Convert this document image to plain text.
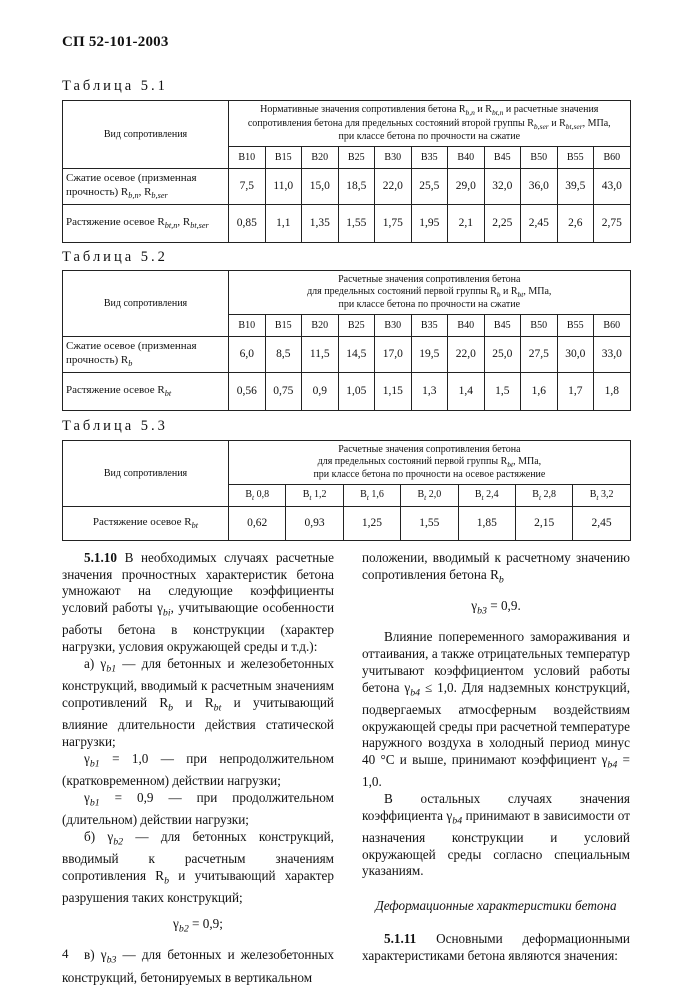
СП 52-101-2003
Таблица 5.1
Вид сопротивления	Нормативные значения сопротивления бетона $R_{b,n}$ и $R_{bt,n}$ и расчетные значения
сопротивления бетона для предельных состояний второй группы $R_{b,ser}$ и $R_{bt,ser}$, МПа,
при классе бетона по прочности на сжатие										
	B10	B15	B20	B25	B30	B35	B40	B45	B50	B55	B60
Сжатие осевое (призменная
прочность) $R_{b,n}$, $R_{b,ser}$	7,5	11,0	15,0	18,5	22,0	25,5	29,0	32,0	36,0	39,5	43,0
Растяжение осевое $R_{bt,n}$, $R_{bt,ser}$	0,85	1,1	1,35	1,55	1,75	1,95	2,1	2,25	2,45	2,6	2,75
Таблица 5.2
Вид сопротивления	Расчетные значения сопротивления бетона
для предельных состояний первой группы $R_b$ и $R_{bt}$, МПа,
при классе бетона по прочности на сжатие										
	B10	B15	B20	B25	B30	B35	B40	B45	B50	B55	B60
Сжатие осевое (призменная
прочность) $R_b$	6,0	8,5	11,5	14,5	17,0	19,5	22,0	25,0	27,5	30,0	33,0
Растяжение осевое $R_{bt}$	0,56	0,75	0,9	1,05	1,15	1,3	1,4	1,5	1,6	1,7	1,8
Таблица 5.3
Вид сопротивления	Расчетные значения сопротивления бетона
для предельных состояний первой группы $R_{bt}$, МПа,
при классе бетона по прочности на осевое растяжение						
	$B_t$ 0,8	$B_t$ 1,2	$B_t$ 1,6	$B_t$ 2,0	$B_t$ 2,4	$B_t$ 2,8	$B_t$ 3,2
Растяжение осевое $R_{bt}$	0,62	0,93	1,25	1,55	1,85	2,15	2,45

5.1.10 В необходимых случаях расчетные значения прочностных характеристик бетона умножают на следующие коэффициенты условий работы $\gamma_{bi}$, учитывающие особенности работы бетона в конструкции (характер нагрузки, условия окружающей среды и т.д.):

а) $\gamma_{b1}$ — для бетонных и железобетонных конструкций, вводимый к расчетным значениям сопротивлений $R_b$ и $R_{bt}$ и учитывающий влияние длительности действия статической нагрузки;

$\gamma_{b1} = 1,0$ — при непродолжительном (кратковременном) действии нагрузки;

$\gamma_{b1} = 0,9$ — при продолжительном (длительном) действии нагрузки;

б) $\gamma_{b2}$ — для бетонных конструкций, вводимый к расчетным значениям сопротивления $R_b$ и учитывающий характер разрушения таких конструкций;

$\gamma_{b2} = 0,9$;

в) $\gamma_{b3}$ — для бетонных и железобетонных конструкций, бетонируемых в вертикальном

положении, вводимый к расчетному значению сопротивления бетона $R_b$

$\gamma_{b3} = 0,9$.

Влияние попеременного замораживания и оттаивания, а также отрицательных температур учитывают коэффициентом условий работы бетона $\gamma_{b4} \le 1,0$. Для надземных конструкций, подвергаемых атмосферным воздействиям окружающей среды при расчетной температуре наружного воздуха в холодный период минус 40 °С и выше, принимают коэффициент $\gamma_{b4} = 1,0$.

В остальных случаях значения коэффициента $\gamma_{b4}$ принимают в зависимости от назначения конструкции и условий окружающей среды согласно специальным указаниям.

Деформационные характеристики бетона

5.1.11 Основными деформационными характеристиками бетона являются значения:

4
